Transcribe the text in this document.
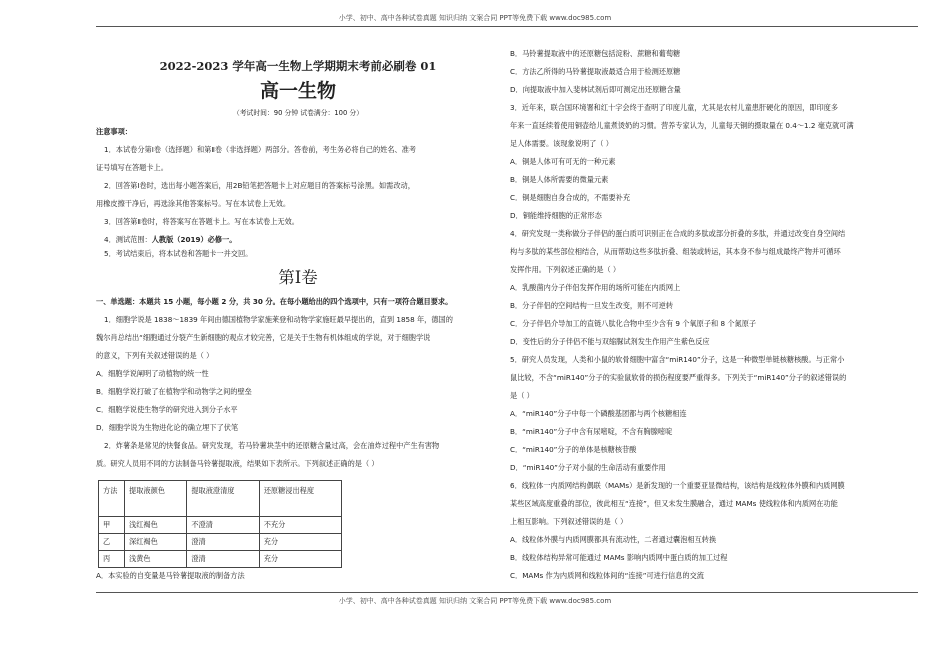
小学、初中、高中各种试卷真题 知识归纳 文案合同 PPT等免费下载 www.doc985.com
小学、初中、高中各种试卷真题 知识归纳 文案合同 PPT等免费下载 www.doc985.com
2022-2023 学年高一生物上学期期末考前必刷卷 01
高一生物
（考试时间：90 分钟 试卷满分：100 分）
注意事项：
1．本试卷分第Ⅰ卷（选择题）和第Ⅱ卷（非选择题）两部分。答卷前，考生务必将自己的姓名、准考
证号填写在答题卡上。
2．回答第Ⅰ卷时，选出每小题答案后，用2B铅笔把答题卡上对应题目的答案标号涂黑。如需改动，
用橡皮擦干净后，再选涂其他答案标号。写在本试卷上无效。
3．回答第Ⅱ卷时，将答案写在答题卡上。写在本试卷上无效。
4．测试范围：人教版（2019）必修一。
5．考试结束后，将本试卷和答题卡一并交回。
第Ⅰ卷
一、单选题：本题共 15 小题，每小题 2 分，共 30 分。在每小题给出的四个选项中，只有一项符合题目要求。
1．细胞学说是 1838～1839 年间由德国植物学家施莱登和动物学家施旺最早提出的，直到 1858 年，德国的
魏尔肖总结出“细胞通过分裂产生新细胞的观点才较完善，它是关于生物有机体组成的学说，对于细胞学说
的意义，下列有关叙述错误的是（ ）
A．细胞学说阐明了动植物的统一性
B．细胞学说打破了在植物学和动物学之间的壁垒
C．细胞学说使生物学的研究进入到分子水平
D．细胞学说为生物进化论的确立埋下了伏笔
2．炸薯条是常见的快餐食品。研究发现，若马铃薯块茎中的还原糖含量过高，会在油炸过程中产生有害物
质。研究人员用不同的方法制备马铃薯提取液，结果如下表所示。下列叙述正确的是（ ）
方法	提取液颜色	提取液澄清度	还原糖浸出程度
甲	浅红褐色	不澄清	不充分
乙	深红褐色	澄清	充分
丙	浅黄色	澄清	充分
A．本实验的自变量是马铃薯提取液的制备方法
B．马铃薯提取液中的还原糖包括淀粉、蔗糖和葡萄糖
C．方法乙所得的马铃薯提取液最适合用于检测还原糖
D．向提取液中加入斐林试剂后即可测定出还原糖含量
3．近年来，联合国环境署和红十字会终于查明了印度儿童，尤其是农村儿童患肝硬化的原因，即印度多
年来一直延续着使用铜壶给儿童煮烫奶的习惯。营养专家认为，儿童每天铜的摄取量在 0.4～1.2 毫克就可满
足人体需要。该现象说明了（ ）
A．铜是人体可有可无的一种元素
B．铜是人体所需要的微量元素
C．铜是细胞自身合成的，不需要补充
D．铜能维持细胞的正常形态
4．研究发现一类称做分子伴侣的蛋白质可识别正在合成的多肽或部分折叠的多肽，并通过改变自身空间结
构与多肽的某些部位相结合，从而帮助这些多肽折叠、组装或转运，其本身不参与组成最终产物并可循环
发挥作用。下列叙述正确的是（ ）
A．乳酸菌内分子伴侣发挥作用的场所可能在内质网上
B．分子伴侣的空间结构一旦发生改变，则不可逆转
C．分子伴侣介导加工的直链八肽化合物中至少含有 9 个氧原子和 8 个氮原子
D．变性后的分子伴侣不能与双缩脲试剂发生作用产生紫色反应
5．研究人员发现，人类和小鼠的软骨细胞中富含“miR140”分子，这是一种微型单链核糖核酸。与正常小
鼠比较，不含“miR140”分子的实验鼠软骨的损伤程度要严重得多。下列关于“miR140”分子的叙述错误的
是（ ）
A．“miR140”分子中每一个磷酸基团都与两个核糖相连
B．“miR140”分子中含有尿嘧啶，不含有胸腺嘧啶
C．“miR140”分子的单体是核糖核苷酸
D．“miR140”分子对小鼠的生命活动有重要作用
6．线粒体一内质网结构偶联（MAMs）是新发现的一个重要亚显微结构，该结构是线粒体外膜和内质网膜
某些区域高度重叠的部位，彼此相互“连接”，但又未发生膜融合，通过 MAMs 使线粒体和内质网在功能
上相互影响。下列叙述错误的是（ ）
A．线粒体外膜与内质网膜都具有流动性，二者通过囊泡相互转换
B．线粒体结构异常可能通过 MAMs 影响内质网中蛋白质的加工过程
C．MAMs 作为内质网和线粒体间的“连接”可进行信息的交流
